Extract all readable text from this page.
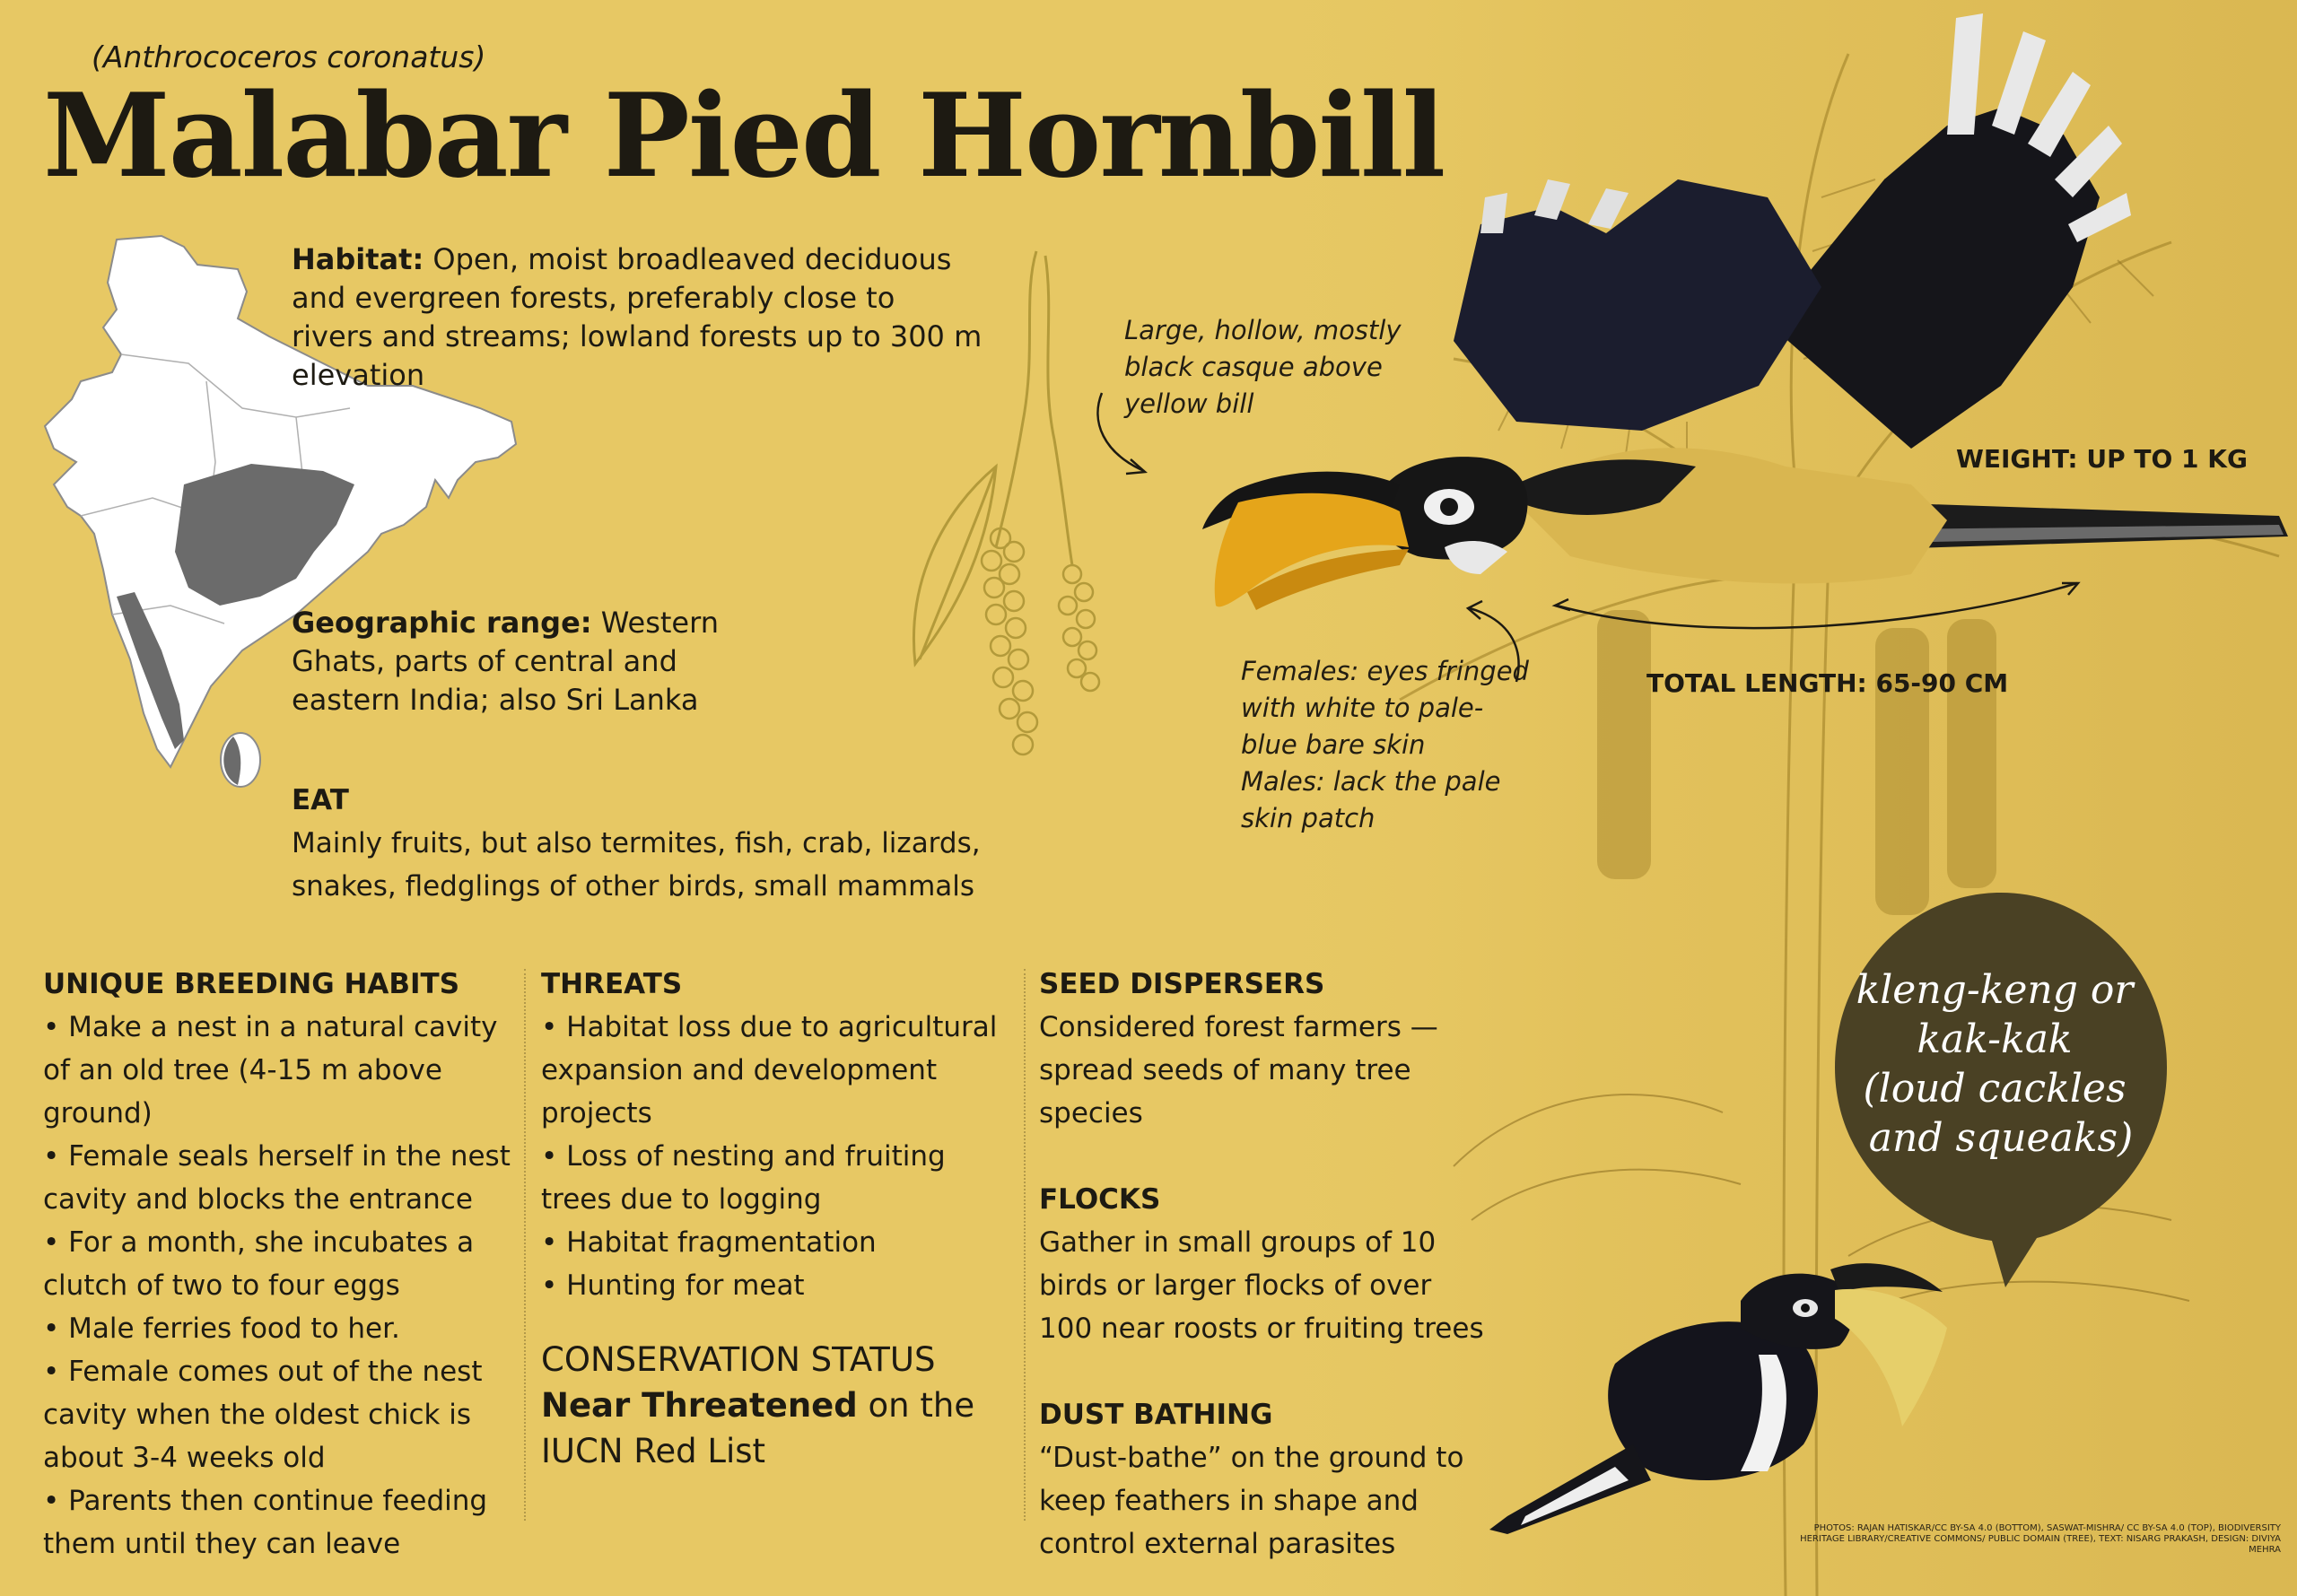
(Anthrococeros coronatus)
Malabar Pied Hornbill
Habitat: Open, moist broadleaved deciduous and evergreen forests, preferably close to rivers and streams; lowland forests up to 300 m elevation
Geographic range: Western Ghats, parts of central and eastern India; also Sri Lanka
EAT
Mainly fruits, but also termites, fish, crab, lizards, snakes, fledglings of other birds, small mammals
Large, hollow, mostly
black casque above
yellow bill
Females: eyes fringed
with white to pale-
blue bare skin
Males: lack the pale
skin patch
WEIGHT: UP TO 1 KG
TOTAL LENGTH: 65-90 CM
UNIQUE BREEDING HABITS

• Make a nest in a natural cavity of an old tree (4-15 m above ground)

• Female seals herself in the nest cavity and blocks the entrance

• For a month, she incubates a clutch of two to four eggs

• Male ferries food to her.

• Female comes out of the nest cavity when the oldest chick is about 3-4 weeks old

• Parents then continue feeding them until they can leave

THREATS

• Habitat loss due to agricultural expansion and development projects

• Loss of nesting and fruiting trees due to logging

• Habitat fragmentation

• Hunting for meat

CONSERVATION STATUS
Near Threatened on the IUCN Red List
SEED DISPERSERS

Considered forest farmers — spread seeds of many tree species

FLOCKS

Gather in small groups of 10 birds or larger flocks of over 100 near roosts or fruiting trees

DUST BATHING

“Dust-bathe” on the ground to keep feathers in shape and control external parasites

kleng-keng or kak-kak (loud cackles and squeaks)
PHOTOS: RAJAN HATISKAR/CC BY-SA 4.0 (BOTTOM), SASWAT-MISHRA/ CC BY-SA 4.0 (TOP), BIODIVERSITY HERITAGE LIBRARY/CREATIVE COMMONS/ PUBLIC DOMAIN (TREE), TEXT: NISARG PRAKASH, DESIGN: DIVIYA MEHRA
